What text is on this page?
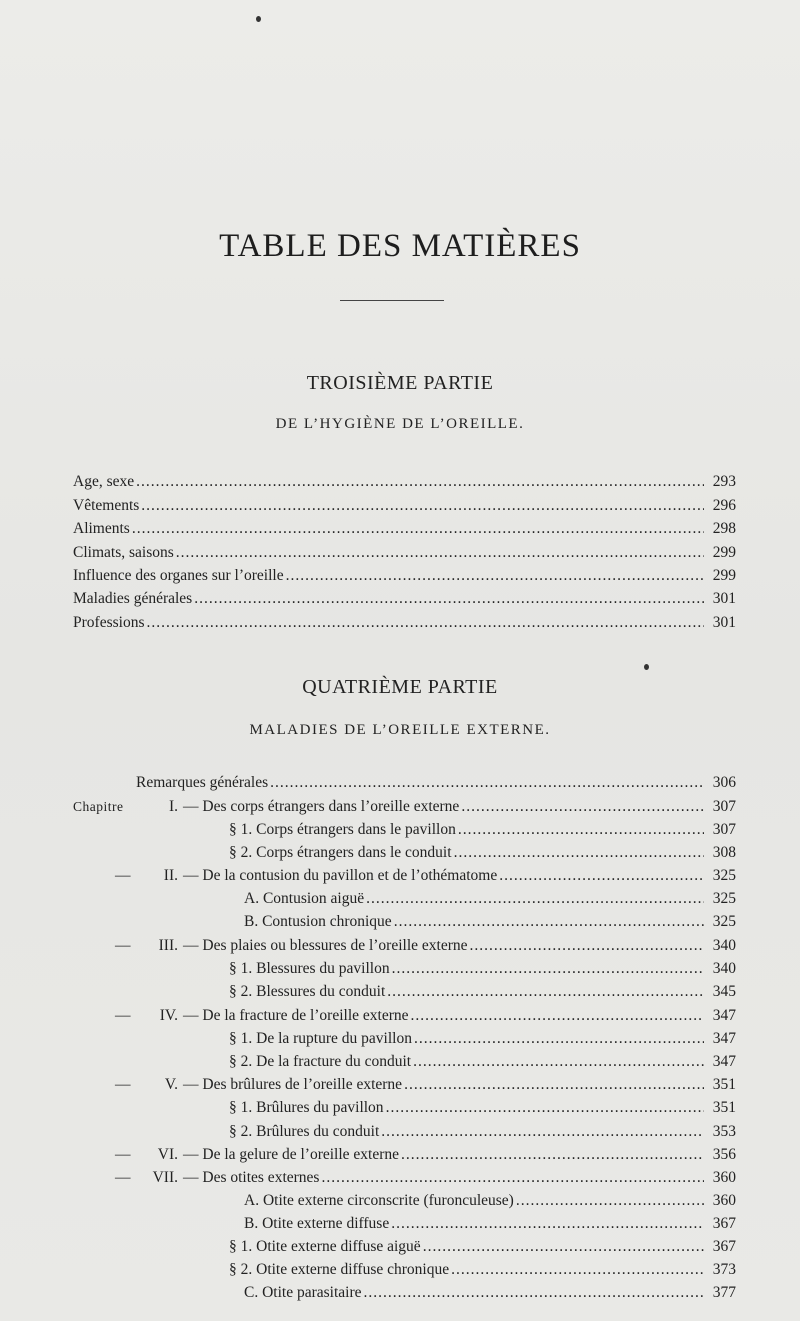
TABLE DES MATIÈRES
TROISIÈME PARTIE
DE L’HYGIÈNE DE L’OREILLE.
Age, sexe .....	293
Vêtements .....	296
Aliments .....	298
Climats, saisons .....	299
Influence des organes sur l’oreille .....	299
Maladies générales .....	301
Professions .....	301
QUATRIÈME PARTIE
MALADIES DE L’OREILLE EXTERNE.
Remarques générales .....	306
Chapitre	I. — Des corps étrangers dans l’oreille externe .....	307
§ 1. Corps étrangers dans le pavillon .....	307
§ 2. Corps étrangers dans le conduit .....	308
—	II. — De la contusion du pavillon et de l’othématome .....	325
A. Contusion aiguë .....	325
B. Contusion chronique .....	325
—	III. — Des plaies ou blessures de l’oreille externe .....	340
§ 1. Blessures du pavillon .....	340
§ 2. Blessures du conduit .....	345
—	IV. — De la fracture de l’oreille externe .....	347
§ 1. De la rupture du pavillon .....	347
§ 2. De la fracture du conduit .....	347
—	V. — Des brûlures de l’oreille externe .....	351
§ 1. Brûlures du pavillon .....	351
§ 2. Brûlures du conduit .....	353
—	VI. — De la gelure de l’oreille externe .....	356
—	VII. — Des otites externes .....	360
A. Otite externe circonscrite (furonculeuse) .....	360
B. Otite externe diffuse .....	367
§ 1. Otite externe diffuse aiguë .....	367
§ 2. Otite externe diffuse chronique .....	373
C. Otite parasitaire .....	377
